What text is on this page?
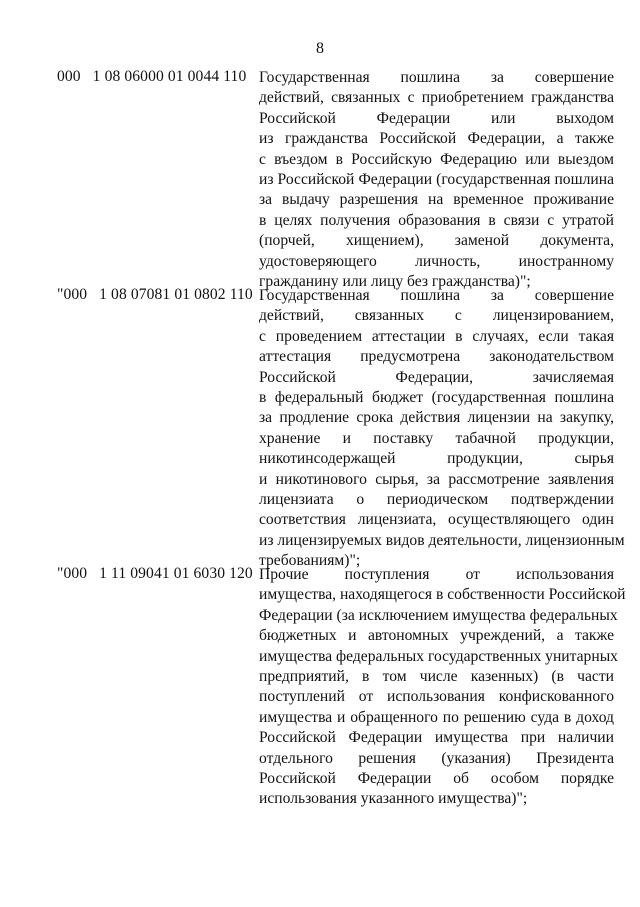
8
000   1 08 06000 01 0044 110 Государственная пошлина за совершение
действий, связанных с приобретением гражданства
Российской Федерации или выходом
из гражданства Российской Федерации, а также
с въездом в Российскую Федерацию или выездом
из Российской Федерации (государственная пошлина
за выдачу разрешения на временное проживание
в целях получения образования в связи с утратой
(порчей, хищением), заменой документа,
удостоверяющего личность, иностранному
гражданину или лицу без гражданства)";
"000   1 08 07081 01 0802 110 Государственная пошлина за совершение
действий, связанных с лицензированием,
с проведением аттестации в случаях, если такая
аттестация предусмотрена законодательством
Российской Федерации, зачисляемая
в федеральный бюджет (государственная пошлина
за продление срока действия лицензии на закупку,
хранение и поставку табачной продукции,
никотинсодержащей продукции, сырья
и никотинового сырья, за рассмотрение заявления
лицензиата о периодическом подтверждении
соответствия лицензиата, осуществляющего один
из лицензируемых видов деятельности, лицензионным
требованиям)";
"000   1 11 09041 01 6030 120 Прочие поступления от использования
имущества, находящегося в собственности Российской
Федерации (за исключением имущества федеральных
бюджетных и автономных учреждений, а также
имущества федеральных государственных унитарных
предприятий, в том числе казенных) (в части
поступлений от использования конфискованного
имущества и обращенного по решению суда в доход
Российской Федерации имущества при наличии
отдельного решения (указания) Президента
Российской Федерации об особом порядке
использования указанного имущества)";
